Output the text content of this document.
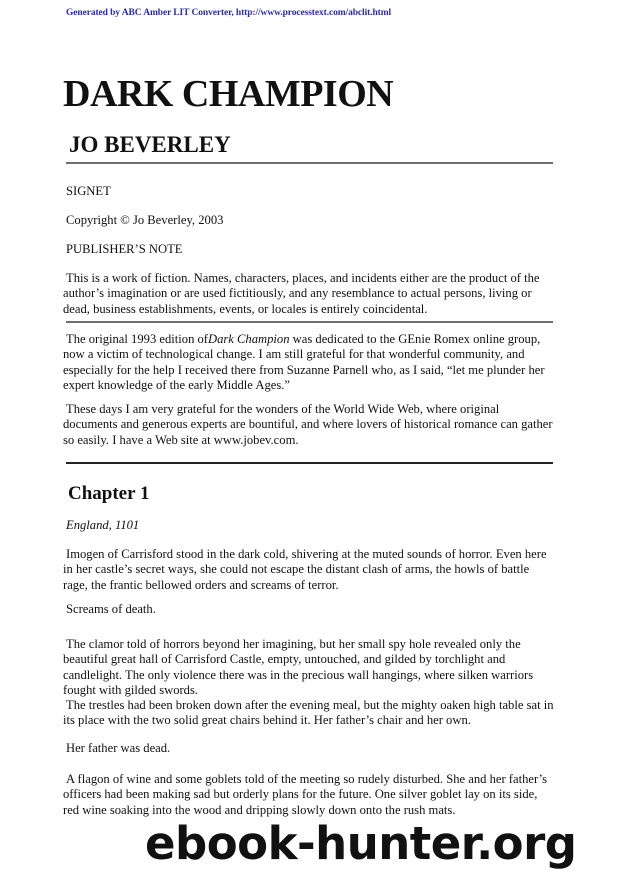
Generated by ABC Amber LIT Converter, http://www.processtext.com/abclit.html
DARK CHAMPION
JO BEVERLEY

SIGNET

Copyright © Jo Beverley, 2003

PUBLISHER’S NOTE

This is a work of fiction. Names, characters, places, and incidents either are the product of the author’s imagination or are used fictitiously, and any resemblance to actual persons, living or dead, business establishments, events, or locales is entirely coincidental.

The original 1993 edition ofDark Champion was dedicated to the GEnie Romex online group, now a victim of technological change. I am still grateful for that wonderful community, and especially for the help I received there from Suzanne Parnell who, as I said, “let me plunder her expert knowledge of the early Middle Ages.”

These days I am very grateful for the wonders of the World Wide Web, where original documents and generous experts are bountiful, and where lovers of historical romance can gather so easily. I have a Web site at www.jobev.com.

Chapter 1
England, 1101

Imogen of Carrisford stood in the dark cold, shivering at the muted sounds of horror. Even here in her castle’s secret ways, she could not escape the distant clash of arms, the howls of battle rage, the frantic bellowed orders and screams of terror.

Screams of death.

The clamor told of horrors beyond her imagining, but her small spy hole revealed only the beautiful great hall of Carrisford Castle, empty, untouched, and gilded by torchlight and candlelight. The only violence there was in the precious wall hangings, where silken warriors fought with gilded swords.

The trestles had been broken down after the evening meal, but the mighty oaken high table sat in its place with the two solid great chairs behind it. Her father’s chair and her own.

Her father was dead.

A flagon of wine and some goblets told of the meeting so rudely disturbed. She and her father’s officers had been making sad but orderly plans for the future. One silver goblet lay on its side, red wine soaking into the wood and dripping slowly down onto the rush mats.

ebook-hunter.org
